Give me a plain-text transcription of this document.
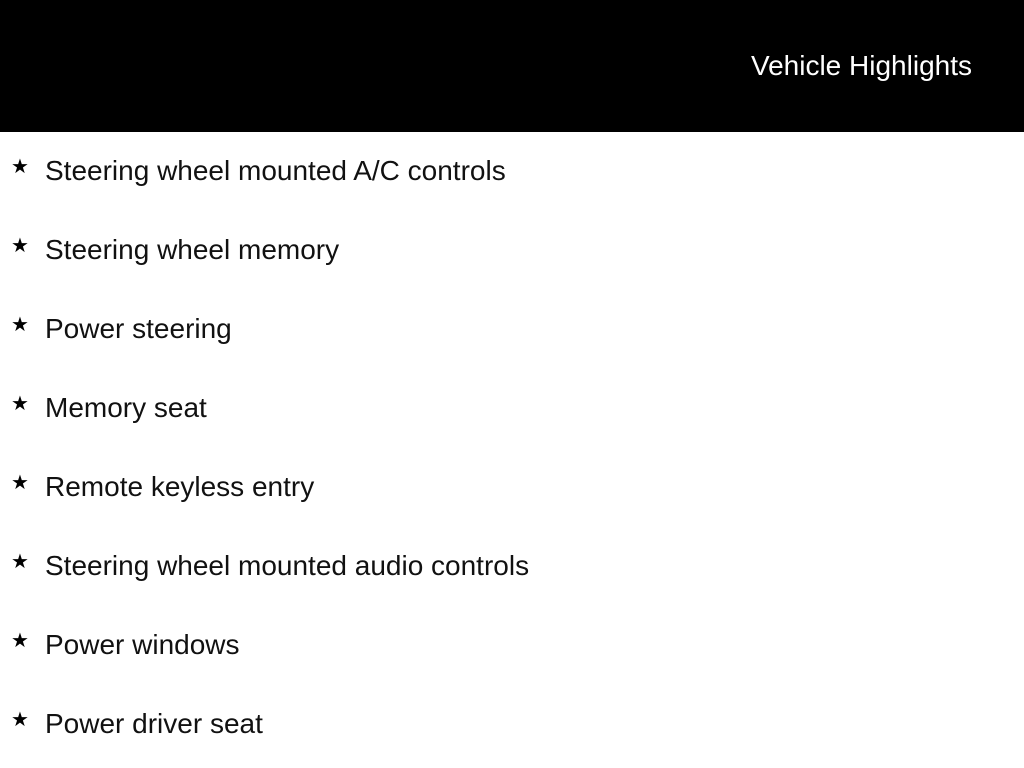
Vehicle Highlights
★ Steering wheel mounted A/C controls
★ Steering wheel memory
★ Power steering
★ Memory seat
★ Remote keyless entry
★ Steering wheel mounted audio controls
★ Power windows
★ Power driver seat
